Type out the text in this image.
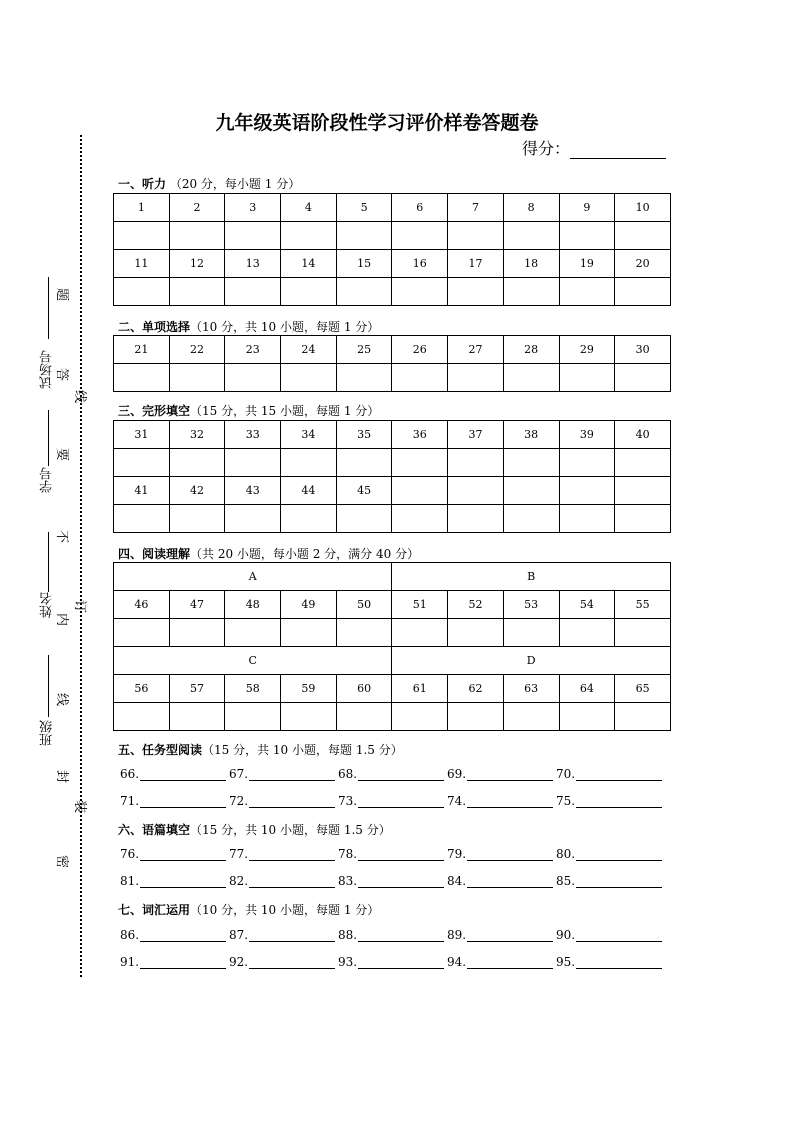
九年级英语阶段性学习评价样卷答题卷
得分：
一、听力 （20 分，每小题 1 分）
1	2	3	4	5	6	7	8	9	10

11	12	13	14	15	16	17	18	19	20

二、单项选择（10 分，共 10 小题，每题 1 分）
21	22	23	24	25	26	27	28	29	30

三、完形填空（15 分，共 15 小题，每题 1 分）
31	32	33	34	35	36	37	38	39	40

41	42	43	44	45					

四、阅读理解（共 20 小题，每小题 2 分，满分 40 分）
A					B				
46	47	48	49	50	51	52	53	54	55

C					D				
56	57	58	59	60	61	62	63	64	65

五、任务型阅读（15 分，共 10 小题，每题 1.5 分）
66.	67.	68.	69.	70.
71.	72.	73.	74.	75.
六、语篇填空（15 分，共 10 小题，每题 1.5 分）
76.	77.	78.	79.	80.
81.	82.	83.	84.	85.
七、词汇运用（10 分，共 10 小题，每题 1 分）
86.	87.	88.	89.	90.
91.	92.	93.	94.	95.
试场号
学号
姓名
班级
题
答
要
不
内
线
线
订
装
封
密
